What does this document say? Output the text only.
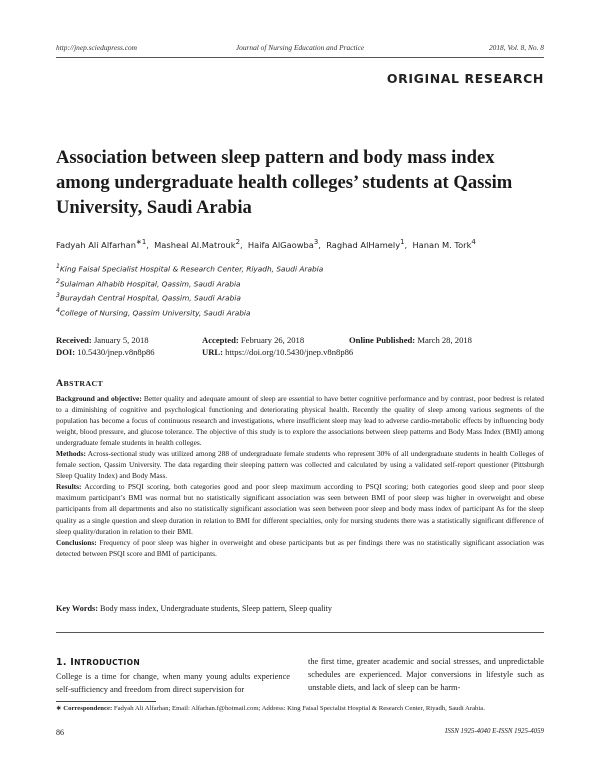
http://jnep.sciedupress.com	Journal of Nursing Education and Practice	2018, Vol. 8, No. 8
ORIGINAL RESEARCH
Association between sleep pattern and body mass index among undergraduate health colleges’ students at Qassim University, Saudi Arabia
Fadyah Ali Alfarhan$^{∗1}$,  Masheal Al.Matrouk$^2$,  Haifa AlGaowba$^3$,  Raghad AlHamely$^1$,  Hanan M. Tork$^4$
$^1$King Faisal Specialist Hospital & Research Center, Riyadh, Saudi Arabia
$^2$Sulaiman Alhabib Hospital, Qassim, Saudi Arabia
$^3$Buraydah Central Hospital, Qassim, Saudi Arabia
$^4$College of Nursing, Qassim University, Saudi Arabia
Received: January 5, 2018	Accepted: February 26, 2018	Online Published: March 28, 2018
DOI: 10.5430/jnep.v8n8p86	URL: https://doi.org/10.5430/jnep.v8n8p86
ABSTRACT

Background and objective: Better quality and adequate amount of sleep are essential to have better cognitive performance and by contrast, poor bedrest is related to a diminishing of cognitive and psychological functioning and deteriorating physical health. Recently the quality of sleep among various segments of the population has become a focus of continuous research and investigations, where insufficient sleep may lead to adverse cardio-metabolic effects by influencing body weight, blood pressure, and glucose tolerance. The objective of this study is to explore the associations between sleep patterns and Body Mass Index (BMI) among undergraduate female students in health colleges.

Methods: Across-sectional study was utilized among 288 of undergraduate female students who represent 30% of all undergraduate students in health Colleges of female section, Qassim University. The data regarding their sleeping pattern was collected and calculated by using a validated self-report questioner (Pittsburgh Sleep Quality Index) and Body Mass.

Results: According to PSQI scoring, both categories good and poor sleep maximum according to PSQI scoring; both categories good sleep and poor sleep maximum participant’s BMI was normal but no statistically significant association was seen between BMI of poor sleep was higher in overweight and obese participants from all departments and also no statistically significant association was seen between poor sleep and body mass index of participant As for the sleep quality as a single question and sleep duration in relation to BMI for different specialties, only for nursing students there was a statistically significant difference of sleep quality/duration in relation to their BMI.

Conclusions: Frequency of poor sleep was higher in overweight and obese participants but as per findings there was no statistically significant association was detected between PSQI score and BMI of participants.

Key Words: Body mass index, Undergraduate students, Sleep pattern, Sleep quality
1. INTRODUCTION
College is a time for change, when many young adults experience self-sufficiency and freedom from direct supervision for
the first time, greater academic and social stresses, and unpredictable schedules are experienced. Major conversions in lifestyle such as unstable diets, and lack of sleep can be harm-
∗ Correspondence: Fadyah Ali Alfarhan; Email: Alfarhan.f@hotmail.com; Address: King Faisal Specialist Hospital & Research Center, Riyadh, Saudi Arabia.
86	ISSN 1925-4040 E-ISSN 1925-4059
